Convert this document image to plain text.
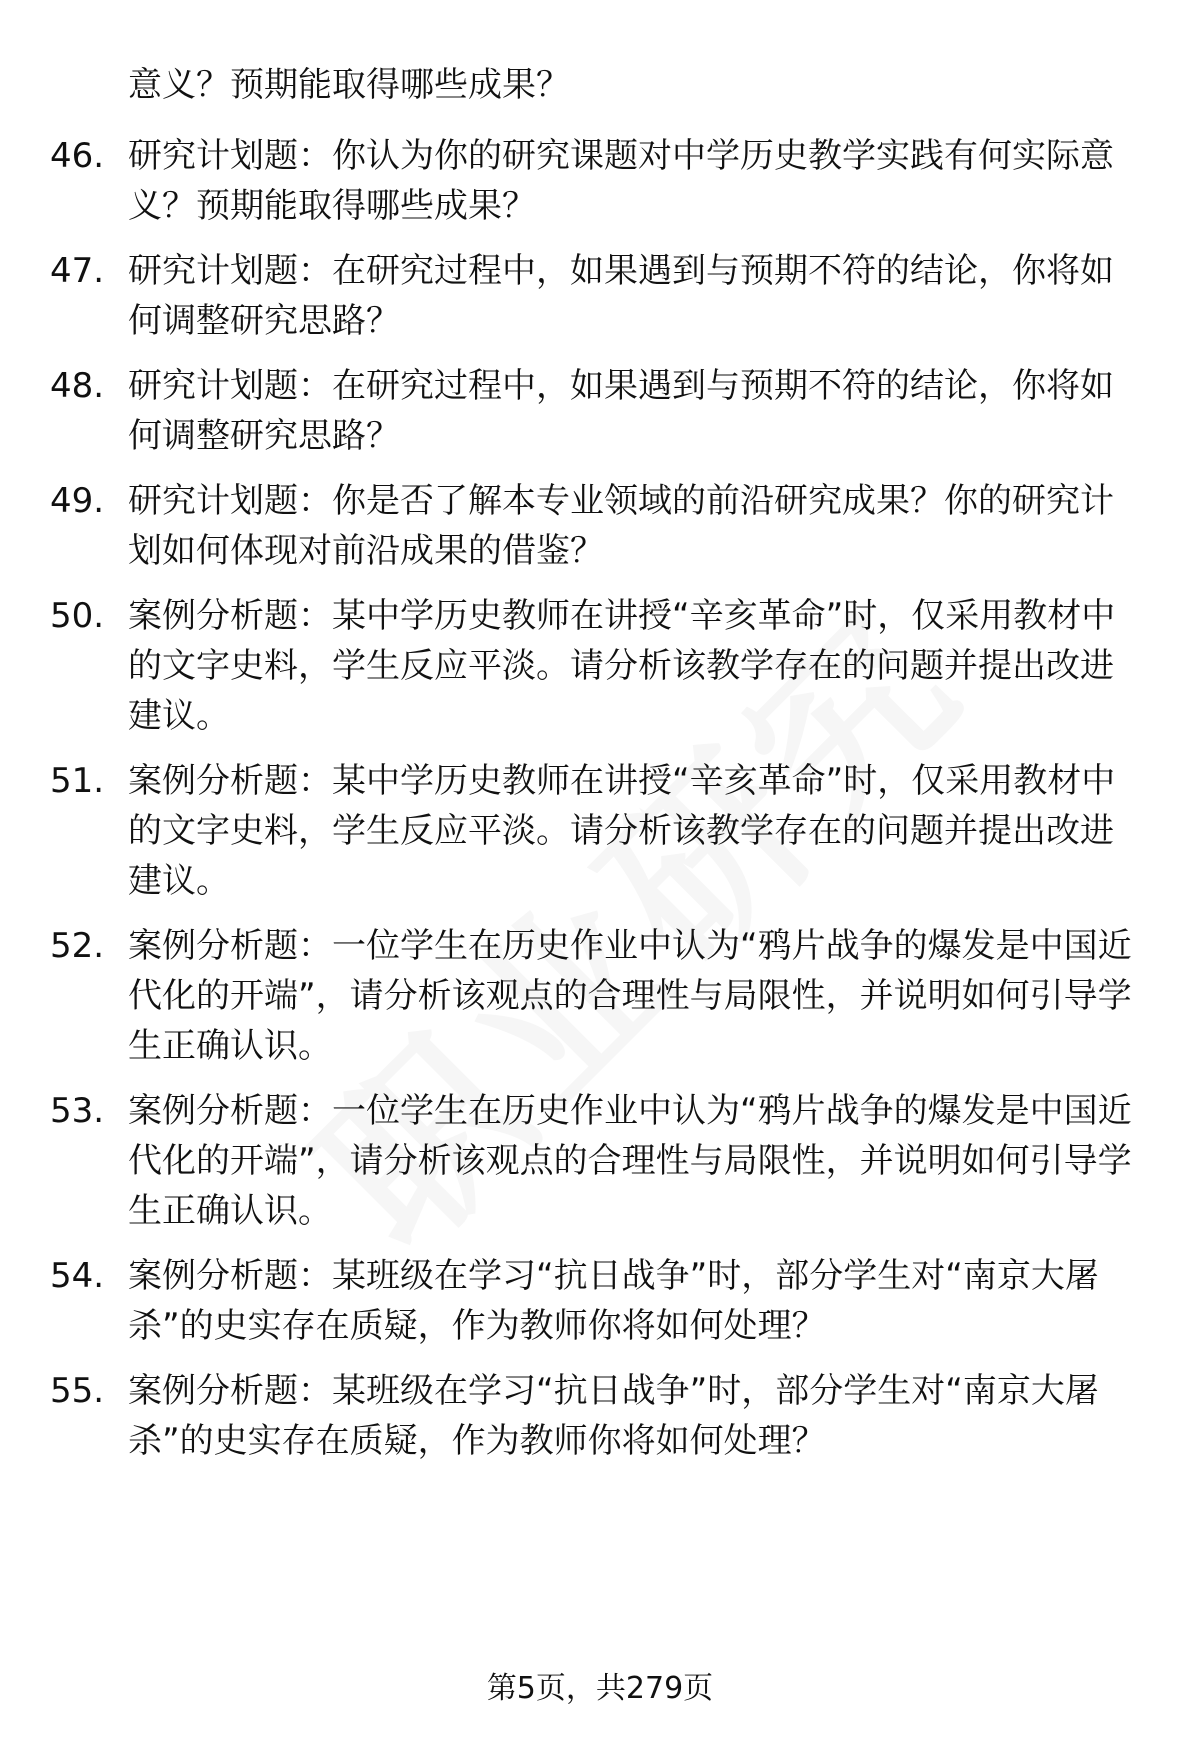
意义？预期能取得哪些成果？

46. 研究计划题：你认为你的研究课题对中学历史教学实践有何实际意义？预期能取得哪些成果？

47. 研究计划题：在研究过程中，如果遇到与预期不符的结论，你将如何调整研究思路？

48. 研究计划题：在研究过程中，如果遇到与预期不符的结论，你将如何调整研究思路？

49. 研究计划题：你是否了解本专业领域的前沿研究成果？你的研究计划如何体现对前沿成果的借鉴？

50. 案例分析题：某中学历史教师在讲授“辛亥革命”时，仅采用教材中的文字史料，学生反应平淡。请分析该教学存在的问题并提出改进建议。

51. 案例分析题：某中学历史教师在讲授“辛亥革命”时，仅采用教材中的文字史料，学生反应平淡。请分析该教学存在的问题并提出改进建议。

52. 案例分析题：一位学生在历史作业中认为“鸦片战争的爆发是中国近代化的开端”，请分析该观点的合理性与局限性，并说明如何引导学生正确认识。

53. 案例分析题：一位学生在历史作业中认为“鸦片战争的爆发是中国近代化的开端”，请分析该观点的合理性与局限性，并说明如何引导学生正确认识。

54. 案例分析题：某班级在学习“抗日战争”时，部分学生对“南京大屠杀”的史实存在质疑，作为教师你将如何处理？

55. 案例分析题：某班级在学习“抗日战争”时，部分学生对“南京大屠杀”的史实存在质疑，作为教师你将如何处理？

第5页，共279页
